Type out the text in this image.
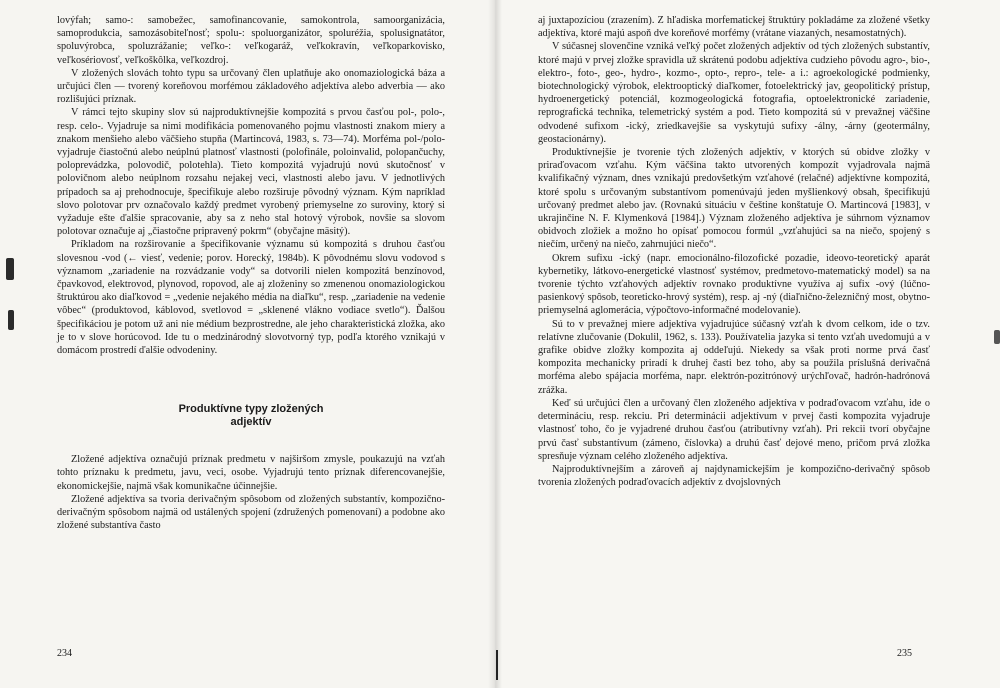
lovýfah; samo-: samobežec, samofinancovanie, samokontrola, samoorganizácia, samoprodukcia, samozásobiteľnosť; spolu-: spoluorganizátor, spoluréžia, spolusignatátor, spoluvýrobca, spoluzrážanie; veľko-: veľkogaráž, veľkokravín, veľkoparkovisko, veľkosériovosť, veľkoškôlka, veľkozdroj.

V zložených slovách tohto typu sa určovaný člen uplatňuje ako onomaziologická báza a určujúci člen — tvorený koreňovou morfémou základového adjektíva alebo adverbia — ako rozlišujúci príznak.

V rámci tejto skupiny slov sú najproduktívnejšie kompozitá s prvou časťou pol-, polo-, resp. celo-. Vyjadruje sa nimi modifikácia pomenovaného pojmu vlastnosti znakom miery a znakom menšieho alebo väčšieho stupňa (Martincová, 1983, s. 73—74). Morféma pol-/polo- vyjadruje čiastočnú alebo neúplnú platnosť vlastnosti (polofinále, poloinvalid, polopančuchy, poloprevádzka, polovodič, polotehla). Tieto kompozitá vyjadrujú novú skutočnosť v polovičnom alebo neúplnom rozsahu nejakej veci, vlastnosti alebo javu. V jednotlivých prípadoch sa aj prehodnocuje, špecifikuje alebo rozširuje pôvodný význam. Kým napríklad slovo polotovar prv označovalo každý predmet vyrobený priemyselne zo suroviny, ktorý si vyžaduje ešte ďalšie spracovanie, aby sa z neho stal hotový výrobok, novšie sa slovom polotovar označuje aj „čiastočne pripravený pokrm“ (obyčajne mäsitý).

Príkladom na rozširovanie a špecifikovanie významu sú kompozitá s druhou časťou slovesnou -vod (← viesť, vedenie; porov. Horecký, 1984b). K pôvodnému slovu vodovod s významom „zariadenie na rozvádzanie vody“ sa dotvorili nielen kompozitá benzínovod, čpavkovod, elektrovod, plynovod, ropovod, ale aj zloženiny so zmenenou onomaziologickou štruktúrou ako diaľkovod = „vedenie nejakého média na diaľku“, resp. „zariadenie na vedenie vôbec“ (produktovod, káblovod, svetlovod = „sklenené vlákno vodiace svetlo“). Ďalšou špecifikáciou je potom už ani nie médium bezprostredne, ale jeho charakteristická zložka, ako je to v slove horúcovod. Ide tu o medzinárodný slovotvorný typ, podľa ktorého vznikajú v domácom prostredí ďalšie odvodeniny.

Produktívne typy zložených
adjektív

Zložené adjektíva označujú príznak predmetu v najširšom zmysle, poukazujú na vzťah tohto príznaku k predmetu, javu, veci, osobe. Vyjadrujú tento príznak diferencovanejšie, ekonomickejšie, najmä však komunikačne účinnejšie.

Zložené adjektíva sa tvoria derivačným spôsobom od zložených substantív, kompozično-derivačným spôsobom najmä od ustálených spojení (združených pomenovaní) a podobne ako zložené substantíva často

234

aj juxtapozíciou (zrazením). Z hľadiska morfematickej štruktúry pokladáme za zložené všetky adjektíva, ktoré majú aspoň dve koreňové morfémy (vrátane viazaných, nesamostatných).

V súčasnej slovenčine vzniká veľký počet zložených adjektív od tých zložených substantív, ktoré majú v prvej zložke spravidla už skrátenú podobu adjektíva cudzieho pôvodu agro-, bio-, elektro-, foto-, geo-, hydro-, kozmo-, opto-, repro-, tele- a i.: agroekologické podmienky, biotechnologický výrobok, elektrooptický diaľkomer, fotoelektrický jav, geopolitický prístup, hydroenergetický potenciál, kozmogeologická fotografia, optoelektronické zariadenie, reprografická technika, telemetrický systém a pod. Tieto kompozitá sú v prevažnej väčšine odvodené sufixom -ický, zriedkavejšie sa vyskytujú sufixy -álny, -árny (geotermálny, geostacionárny).

Produktívnejšie je tvorenie tých zložených adjektív, v ktorých sú obidve zložky v priraďovacom vzťahu. Kým väčšina takto utvorených kompozít vyjadrovala najmä kvalifikačný význam, dnes vznikajú predovšetkým vzťahové (relačné) adjektívne kompozitá, ktoré spolu s určovaným substantívom pomenúvajú jeden myšlienkový obsah, špecifikujú určovaný predmet alebo jav. (Rovnakú situáciu v češtine konštatuje O. Martincová [1983], v ukrajinčine N. F. Klymenková [1984].) Význam zloženého adjektíva je súhrnom významov obidvoch zložiek a možno ho opísať pomocou formúl „vzťahujúci sa na niečo, spojený s niečím, určený na niečo, zahrnujúci niečo“.

Okrem sufixu -ický (napr. emocionálno-filozofické pozadie, ideovo-teoretický aparát kybernetiky, látkovo-energetické vlastnosť systémov, predmetovo-matematický model) sa na tvorenie týchto vzťahových adjektív rovnako produktívne využíva aj sufix -ový (lúčno-pasienkový spôsob, teoreticko-hrový systém), resp. aj -ný (diaľnično-železničný most, obytno-priemyselná aglomerácia, výpočtovo-informačné modelovanie).

Sú to v prevažnej miere adjektíva vyjadrujúce súčasný vzťah k dvom celkom, ide o tzv. relatívne zlučovanie (Dokulil, 1962, s. 133). Používatelia jazyka si tento vzťah uvedomujú a v grafike obidve zložky kompozita aj oddeľujú. Niekedy sa však proti norme prvá časť kompozita mechanicky priradí k druhej časti bez toho, aby sa použila príslušná derivačná morféma alebo spájacia morféma, napr. elektrón-pozitrónový urýchľovač, hadrón-hadrónová zrážka.

Keď sú určujúci člen a určovaný člen zloženého adjektíva v podraďovacom vzťahu, ide o determináciu, resp. rekciu. Pri determinácii adjektívum v prvej časti kompozita vyjadruje vlastnosť toho, čo je vyjadrené druhou časťou (atributívny vzťah). Pri rekcii tvorí obyčajne prvú časť substantívum (zámeno, číslovka) a druhú časť dejové meno, pričom prvá zložka spresňuje význam celého zloženého adjektíva.

Najproduktívnejším a zároveň aj najdynamickejším je kompozično-derivačný spôsob tvorenia zložených podraďovacích adjektív z dvojslovných

235
